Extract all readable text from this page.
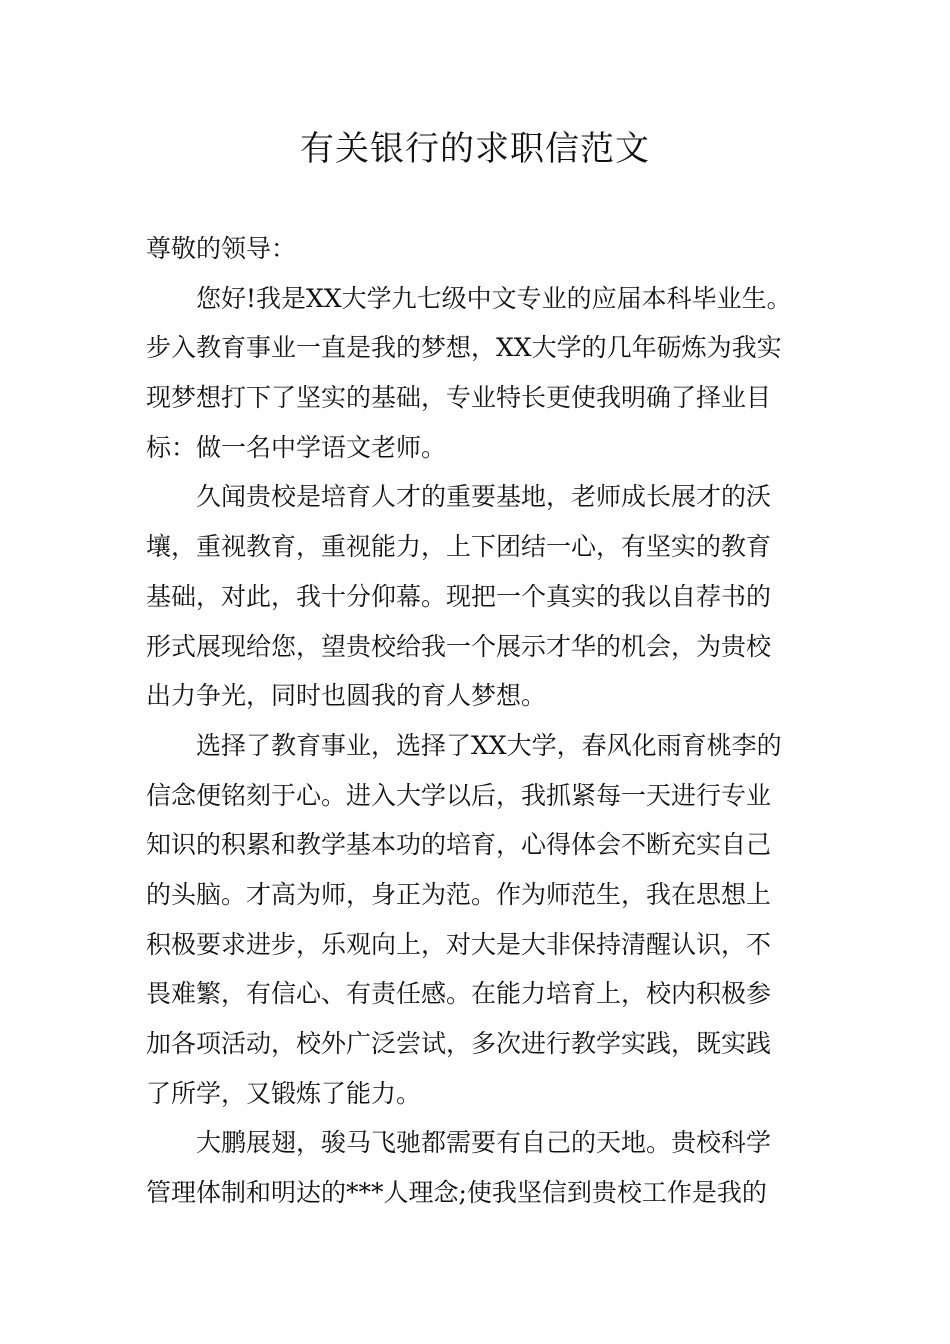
有关银行的求职信范文

尊敬的领导：

您好!我是XX大学九七级中文专业的应届本科毕业生。
步入教育事业一直是我的梦想，XX大学的几年砺炼为我实
现梦想打下了坚实的基础，专业特长更使我明确了择业目
标：做一名中学语文老师。

久闻贵校是培育人才的重要基地，老师成长展才的沃
壤，重视教育，重视能力，上下团结一心，有坚实的教育
基础，对此，我十分仰幕。现把一个真实的我以自荐书的
形式展现给您，望贵校给我一个展示才华的机会，为贵校
出力争光，同时也圆我的育人梦想。

选择了教育事业，选择了XX大学，春风化雨育桃李的
信念便铭刻于心。进入大学以后，我抓紧每一天进行专业
知识的积累和教学基本功的培育，心得体会不断充实自己
的头脑。才高为师，身正为范。作为师范生，我在思想上
积极要求进步，乐观向上，对大是大非保持清醒认识，不
畏难繁，有信心、有责任感。在能力培育上，校内积极参
加各项活动，校外广泛尝试，多次进行教学实践，既实践
了所学，又锻炼了能力。

大鹏展翅，骏马飞驰都需要有自己的天地。贵校科学
管理体制和明达的***人理念;使我坚信到贵校工作是我的
